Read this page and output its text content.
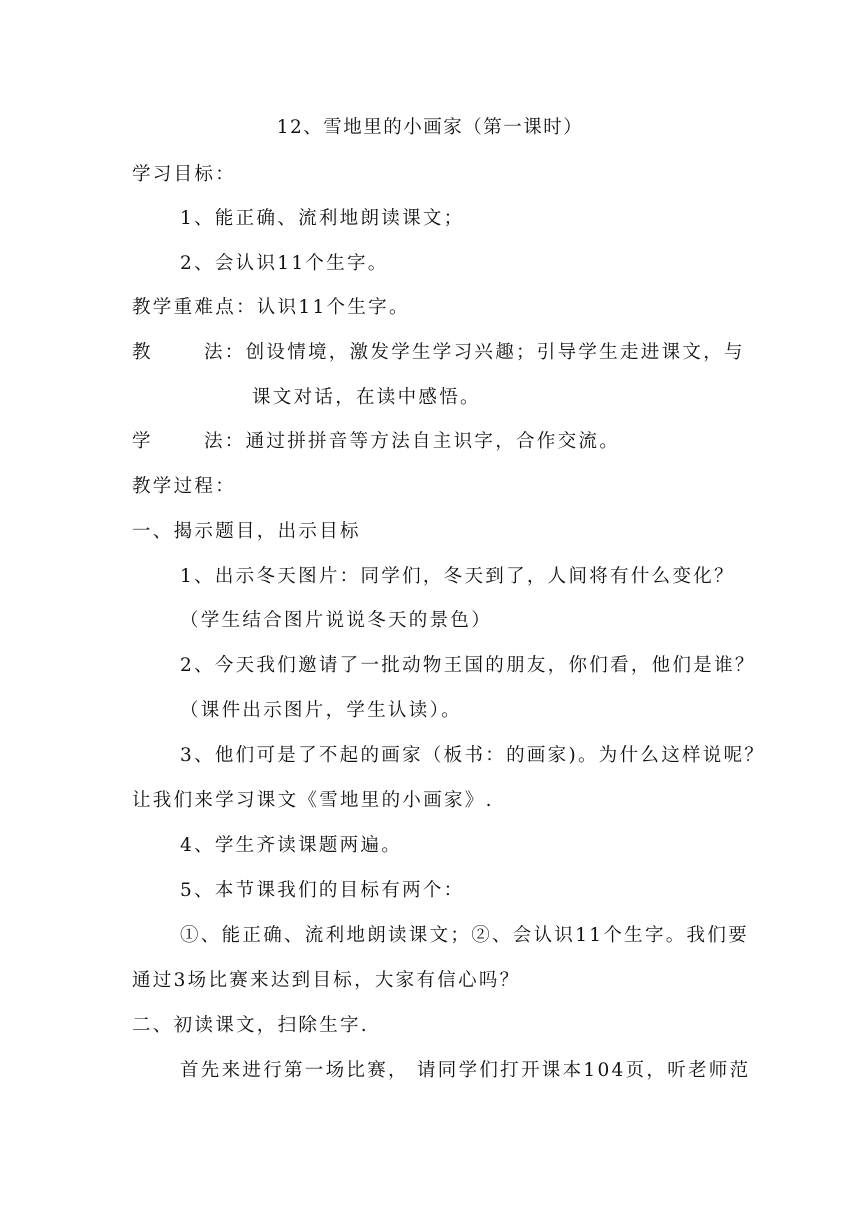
12、雪地里的小画家（第一课时）
学习目标：
1、能正确、流利地朗读课文；
2、会认识11个生字。
教学重难点：认识11个生字。
教	法：创设情境，激发学生学习兴趣；引导学生走进课文，与
课文对话，在读中感悟。
学	法：通过拼拼音等方法自主识字，合作交流。
教学过程：
一、揭示题目，出示目标
1、出示冬天图片：同学们，冬天到了，人间将有什么变化？
（学生结合图片说说冬天的景色）
2、今天我们邀请了一批动物王国的朋友，你们看，他们是谁？
（课件出示图片，学生认读）。
3、他们可是了不起的画家（板书：的画家)。为什么这样说呢？
让我们来学习课文《雪地里的小画家》.
4、学生齐读课题两遍。
5、本节课我们的目标有两个：
①、能正确、流利地朗读课文；②、会认识11个生字。我们要
通过3场比赛来达到目标，大家有信心吗？
二、初读课文，扫除生字.
首先来进行第一场比赛， 请同学们打开课本104页，听老师范
